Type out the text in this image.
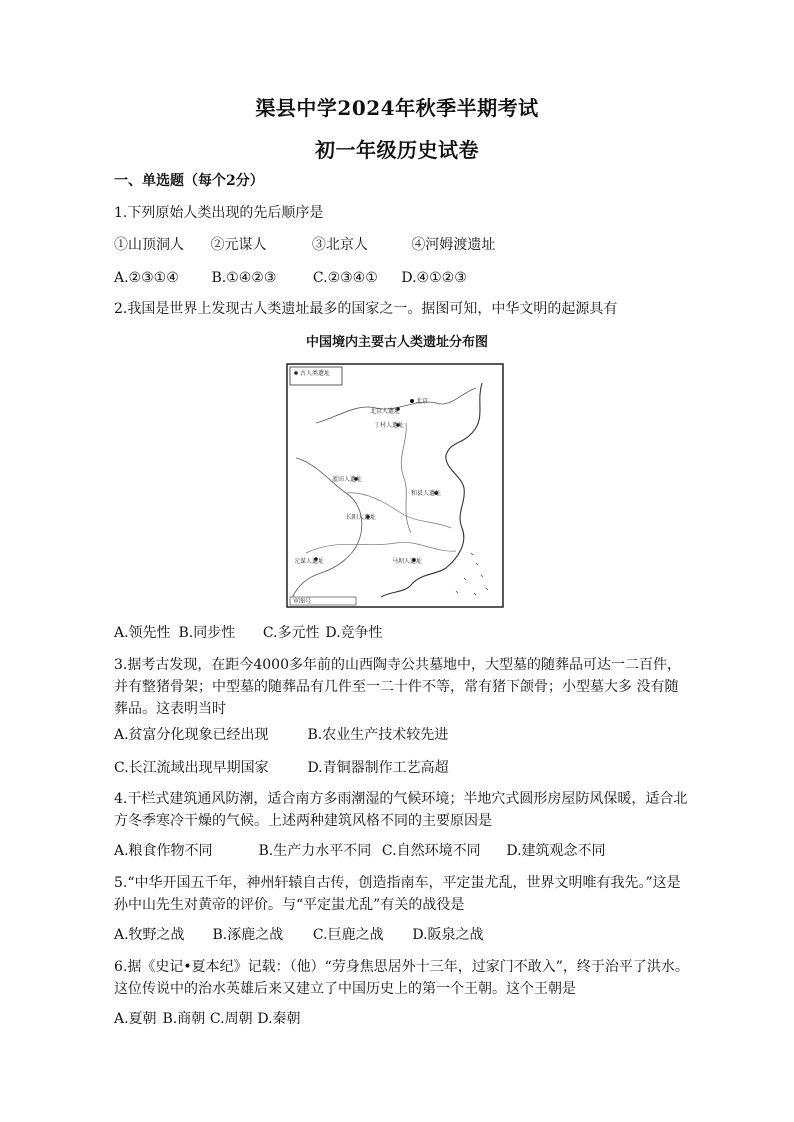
渠县中学2024年秋季半期考试
初一年级历史试卷
一、单选题（每个2分）
1.下列原始人类出现的先后顺序是
①山顶洞人 ②元谋人	③北京人	④河姆渡遗址
A.②③①④ B.①④②③	C.②③④① D.④①②③
2.我国是世界上发现古人类遗址最多的国家之一。据图可知，中华文明的起源具有
中国境内主要古人类遗址分布图
古人类遗址
北京
北京人遗址
丁村人遗址
蓝田人遗址
和县人遗址
长阳人遗址
元谋人遗址	马坝人遗址
审图号
A.领先性 B.同步性 C.多元性 D.竞争性
3.据考古发现，在距今4000多年前的山西陶寺公共墓地中，大型墓的随葬品可达一二百件，并有整猪骨架；中型墓的随葬品有几件至一二十件不等，常有猪下颌骨；小型墓大多 没有随葬品。这表明当时
A.贫富分化现象已经出现	B.农业生产技术较先进
C.长江流域出现早期国家	D.青铜器制作工艺高超
4.干栏式建筑通风防潮，适合南方多雨潮湿的气候环境；半地穴式圆形房屋防风保暖，适合北方冬季寒冷干燥的气候。上述两种建筑风格不同的主要原因是
A.粮食作物不同	B.生产力水平不同 C.自然环境不同 D.建筑观念不同
5.“中华开国五千年，神州轩辕自古传，创造指南车，平定蚩尤乱，世界文明唯有我先。”这是孙中山先生对黄帝的评价。与“平定蚩尤乱”有关的战役是
A.牧野之战 B.涿鹿之战 C.巨鹿之战 D.阪泉之战
6.据《史记•夏本纪》记载：（他）“劳身焦思居外十三年，过家门不敢入”，终于治平了洪水。这位传说中的治水英雄后来又建立了中国历史上的第一个王朝。这个王朝是
A.夏朝 B.商朝 C.周朝 D.秦朝
